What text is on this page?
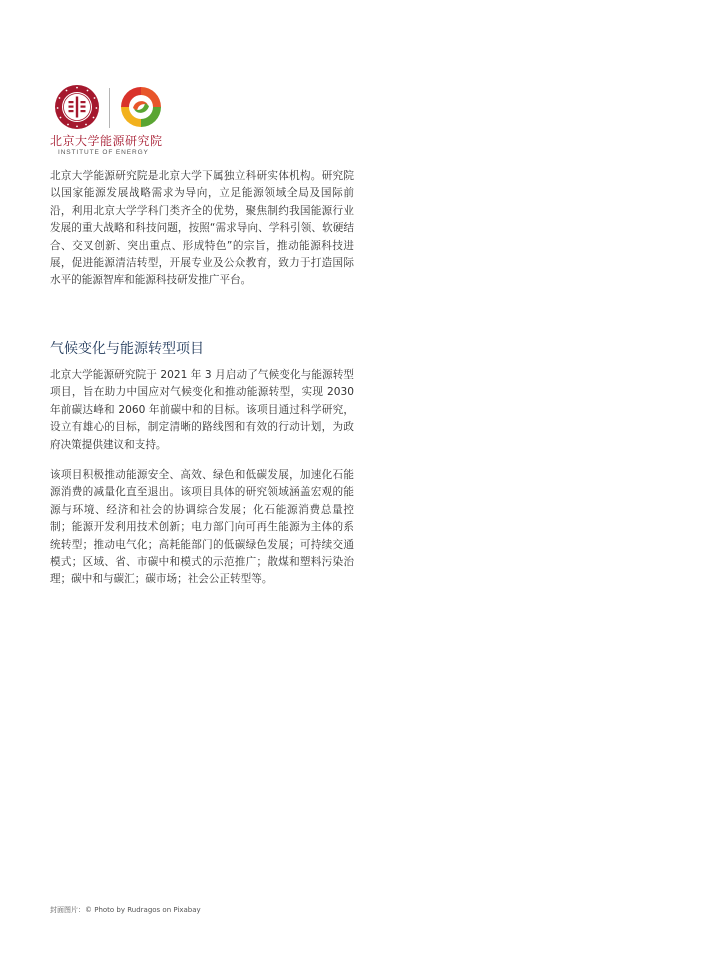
北京大学能源研究院
INSTITUTE OF ENERGY

北京大学能源研究院是北京大学下属独立科研实体机构。研究院以国家能源发展战略需求为导向，立足能源领域全局及国际前沿，利用北京大学学科门类齐全的优势，聚焦制约我国能源行业发展的重大战略和科技问题，按照“需求导向、学科引领、软硬结合、交叉创新、突出重点、形成特色”的宗旨，推动能源科技进展，促进能源清洁转型，开展专业及公众教育，致力于打造国际水平的能源智库和能源科技研发推广平台。

气候变化与能源转型项目

北京大学能源研究院于 2021 年 3 月启动了气候变化与能源转型项目，旨在助力中国应对气候变化和推动能源转型，实现 2030 年前碳达峰和 2060 年前碳中和的目标。该项目通过科学研究，设立有雄心的目标，制定清晰的路线图和有效的行动计划，为政府决策提供建议和支持。

该项目积极推动能源安全、高效、绿色和低碳发展，加速化石能源消费的减量化直至退出。该项目具体的研究领域涵盖宏观的能源与环境、经济和社会的协调综合发展；化石能源消费总量控制；能源开发利用技术创新；电力部门向可再生能源为主体的系统转型；推动电气化；高耗能部门的低碳绿色发展；可持续交通模式；区域、省、市碳中和模式的示范推广；散煤和塑料污染治理；碳中和与碳汇；碳市场；社会公正转型等。

封面图片：© Photo by Rudragos on Pixabay
